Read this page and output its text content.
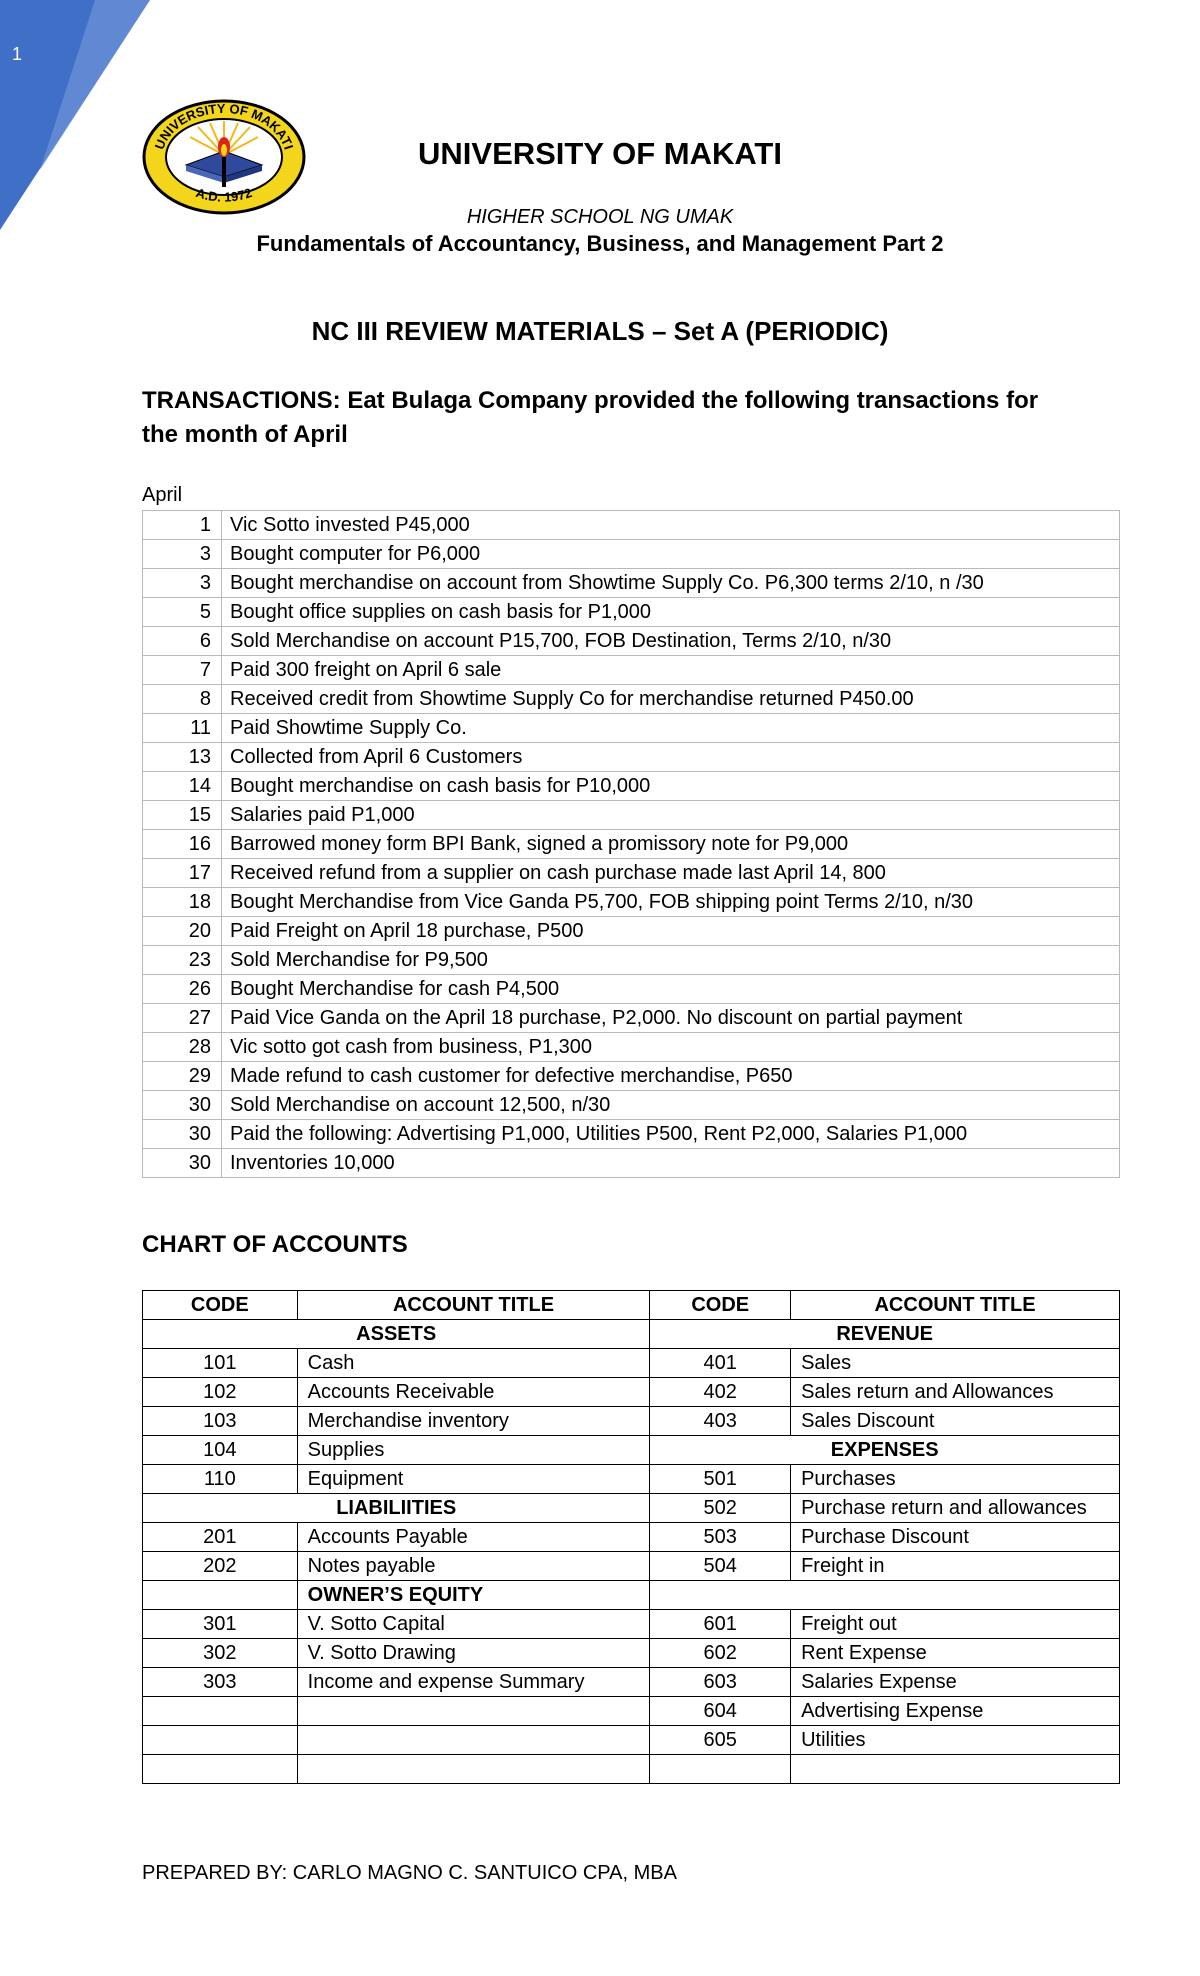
1
UNIVERSITY OF MAKATI
A.D. 1972
UNIVERSITY OF MAKATI
HIGHER SCHOOL NG UMAK
Fundamentals of Accountancy, Business, and Management Part 2
NC III REVIEW MATERIALS – Set A (PERIODIC)
TRANSACTIONS: Eat Bulaga Company provided the following transactions for the month of April
April
1	Vic Sotto invested P45,000
3	Bought computer for P6,000
3	Bought merchandise on account from Showtime Supply Co. P6,300 terms 2/10, n /30
5	Bought office supplies on cash basis for P1,000
6	Sold Merchandise on account P15,700, FOB Destination, Terms 2/10, n/30
7	Paid 300 freight on April 6 sale
8	Received credit from Showtime Supply Co for merchandise returned P450.00
11	Paid Showtime Supply Co.
13	Collected from April 6 Customers
14	Bought merchandise on cash basis for P10,000
15	Salaries paid P1,000
16	Barrowed money form BPI Bank, signed a promissory note for P9,000
17	Received refund from a supplier on cash purchase made last April 14, 800
18	Bought Merchandise from Vice Ganda P5,700, FOB shipping point Terms 2/10, n/30
20	Paid Freight on April 18 purchase, P500
23	Sold Merchandise for P9,500
26	Bought Merchandise for cash P4,500
27	Paid Vice Ganda on the April 18 purchase, P2,000. No discount on partial payment
28	Vic sotto got cash from business, P1,300
29	Made refund to cash customer for defective merchandise, P650
30	Sold Merchandise on account 12,500, n/30
30	Paid the following: Advertising P1,000, Utilities P500, Rent P2,000, Salaries P1,000
30	Inventories 10,000
CHART OF ACCOUNTS
CODE	ACCOUNT TITLE	CODE	ACCOUNT TITLE
ASSETS		REVENUE	
101	Cash	401	Sales
102	Accounts Receivable	402	Sales return and Allowances
103	Merchandise inventory	403	Sales Discount
104	Supplies	EXPENSES	
110	Equipment	501	Purchases
LIABILIITIES		502	Purchase return and allowances
201	Accounts Payable	503	Purchase Discount
202	Notes payable	504	Freight in
	OWNER’S EQUITY		
301	V. Sotto Capital	601	Freight out
302	V. Sotto Drawing	602	Rent Expense
303	Income and expense Summary	603	Salaries Expense
		604	Advertising Expense
		605	Utilities

PREPARED BY: CARLO MAGNO C. SANTUICO CPA, MBA
